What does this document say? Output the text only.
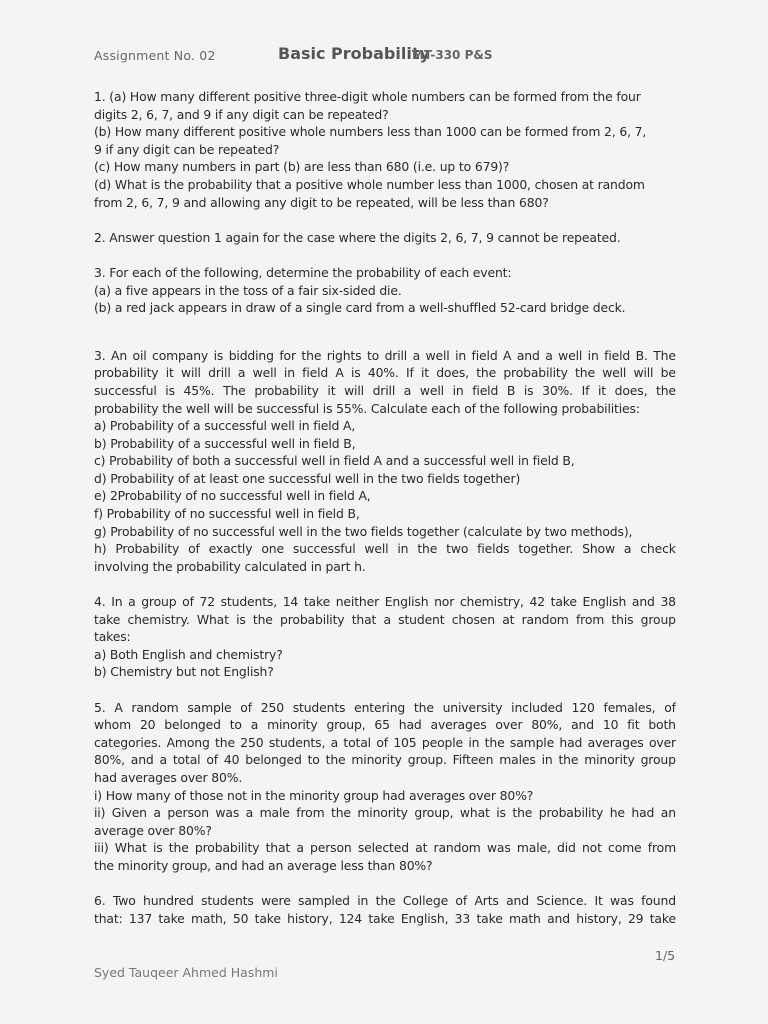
Assignment No. 02	Basic Probability
MT-330 P&S
1. (a) How many different positive three-digit whole numbers can be formed from the four
digits 2, 6, 7, and 9 if any digit can be repeated?
(b) How many different positive whole numbers less than 1000 can be formed from 2, 6, 7,
9 if any digit can be repeated?
(c) How many numbers in part (b) are less than 680 (i.e. up to 679)?
(d) What is the probability that a positive whole number less than 1000, chosen at random
from 2, 6, 7, 9 and allowing any digit to be repeated, will be less than 680?
2. Answer question 1 again for the case where the digits 2, 6, 7, 9 cannot be repeated.
3. For each of the following, determine the probability of each event:
(a) a five appears in the toss of a fair six-sided die.
(b) a red jack appears in draw of a single card from a well-shuffled 52-card bridge deck.
3. An oil company is bidding for the rights to drill a well in field A and a well in field B. The
probability it will drill a well in field A is 40%. If it does, the probability the well will be
successful is 45%. The probability it will drill a well in field B is 30%. If it does, the
probability the well will be successful is 55%. Calculate each of the following probabilities:
a) Probability of a successful well in field A,
b) Probability of a successful well in field B,
c) Probability of both a successful well in field A and a successful well in field B,
d) Probability of at least one successful well in the two fields together)
e) 2Probability of no successful well in field A,
f) Probability of no successful well in field B,
g) Probability of no successful well in the two fields together (calculate by two methods),
h) Probability of exactly one successful well in the two fields together. Show a check
involving the probability calculated in part h.
4. In a group of 72 students, 14 take neither English nor chemistry, 42 take English and 38
take chemistry. What is the probability that a student chosen at random from this group
takes:
a) Both English and chemistry?
b) Chemistry but not English?
5. A random sample of 250 students entering the university included 120 females, of
whom 20 belonged to a minority group, 65 had averages over 80%, and 10 fit both
categories. Among the 250 students, a total of 105 people in the sample had averages over
80%, and a total of 40 belonged to the minority group. Fifteen males in the minority group
had averages over 80%.
i) How many of those not in the minority group had averages over 80%?
ii) Given a person was a male from the minority group, what is the probability he had an
average over 80%?
iii) What is the probability that a person selected at random was male, did not come from
the minority group, and had an average less than 80%?
6. Two hundred students were sampled in the College of Arts and Science. It was found
that: 137 take math, 50 take history, 124 take English, 33 take math and history, 29 take
1/5
Syed Tauqeer Ahmed Hashmi
